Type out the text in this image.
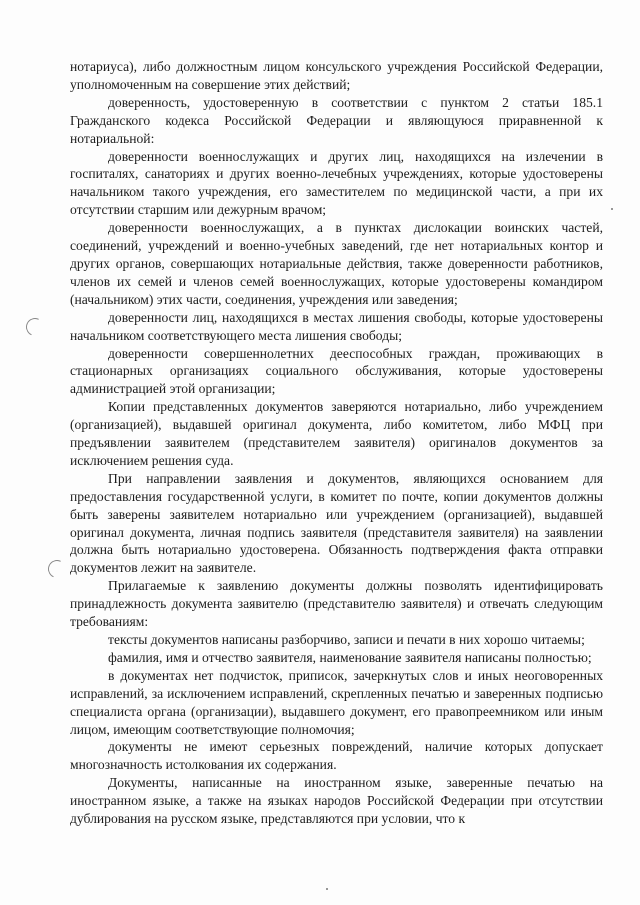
нотариуса), либо должностным лицом консульского учреждения Российской Федерации, уполномоченным на совершение этих действий;

доверенность, удостоверенную в соответствии с пунктом 2 статьи 185.1 Гражданского кодекса Российской Федерации и являющуюся приравненной к нотариальной:

доверенности военнослужащих и других лиц, находящихся на излечении в госпиталях, санаториях и других военно-лечебных учреждениях, которые удостоверены начальником такого учреждения, его заместителем по медицинской части, а при их отсутствии старшим или дежурным врачом;

доверенности военнослужащих, а в пунктах дислокации воинских частей, соединений, учреждений и военно-учебных заведений, где нет нотариальных контор и других органов, совершающих нотариальные действия, также доверенности работников, членов их семей и членов семей военнослужащих, которые удостоверены командиром (начальником) этих части, соединения, учреждения или заведения;

доверенности лиц, находящихся в местах лишения свободы, которые удостоверены начальником соответствующего места лишения свободы;

доверенности совершеннолетних дееспособных граждан, проживающих в стационарных организациях социального обслуживания, которые удостоверены администрацией этой организации;

Копии представленных документов заверяются нотариально, либо учреждением (организацией), выдавшей оригинал документа, либо комитетом, либо МФЦ при предъявлении заявителем (представителем заявителя) оригиналов документов за исключением решения суда.

При направлении заявления и документов, являющихся основанием для предоставления государственной услуги, в комитет по почте, копии документов должны быть заверены заявителем нотариально или учреждением (организацией), выдавшей оригинал документа, личная подпись заявителя (представителя заявителя) на заявлении должна быть нотариально удостоверена. Обязанность подтверждения факта отправки документов лежит на заявителе.

Прилагаемые к заявлению документы должны позволять идентифицировать принадлежность документа заявителю (представителю заявителя) и отвечать следующим требованиям:

тексты документов написаны разборчиво, записи и печати в них хорошо читаемы;

фамилия, имя и отчество заявителя, наименование заявителя написаны полностью;

в документах нет подчисток, приписок, зачеркнутых слов и иных неоговоренных исправлений, за исключением исправлений, скрепленных печатью и заверенных подписью специалиста органа (организации), выдавшего документ, его правопреемником или иным лицом, имеющим соответствующие полномочия;

документы не имеют серьезных повреждений, наличие которых допускает многозначность истолкования их содержания.

Документы, написанные на иностранном языке, заверенные печатью на иностранном языке, а также на языках народов Российской Федерации при отсутствии дублирования на русском языке, представляются при условии, что к
